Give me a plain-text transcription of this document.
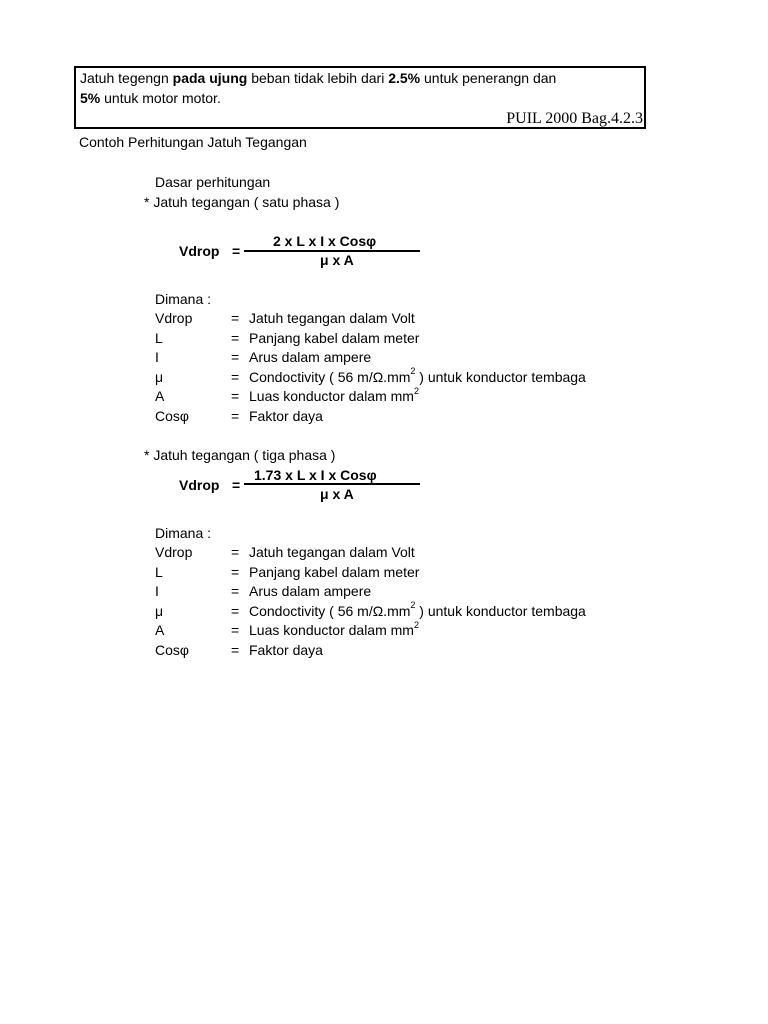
Jatuh tegengn pada ujung beban tidak lebih dari 2.5% untuk penerangn dan
5% untuk motor motor.
PUIL 2000 Bag.4.2.3
Contoh Perhitungan Jatuh Tegangan
Dasar perhitungan
* Jatuh tegangan ( satu phasa )
Vdrop =
2 x L x I x Cosφ
μ x A
Dimana :
Vdrop	= Jatuh tegangan dalam Volt
L	= Panjang kabel dalam meter
I	= Arus dalam ampere
μ	= Condoctivity ( 56 $m/\Omega.mm^2$ ) untuk konductor tembaga
A	= Luas konductor dalam $mm^2$
Cosφ	= Faktor daya
* Jatuh tegangan ( tiga phasa )
Vdrop =
1.73 x L x I x Cosφ
μ x A
Dimana :
Vdrop	= Jatuh tegangan dalam Volt
L	= Panjang kabel dalam meter
I	= Arus dalam ampere
μ	= Condoctivity ( 56 $m/\Omega.mm^2$ ) untuk konductor tembaga
A	= Luas konductor dalam $mm^2$
Cosφ	= Faktor daya
